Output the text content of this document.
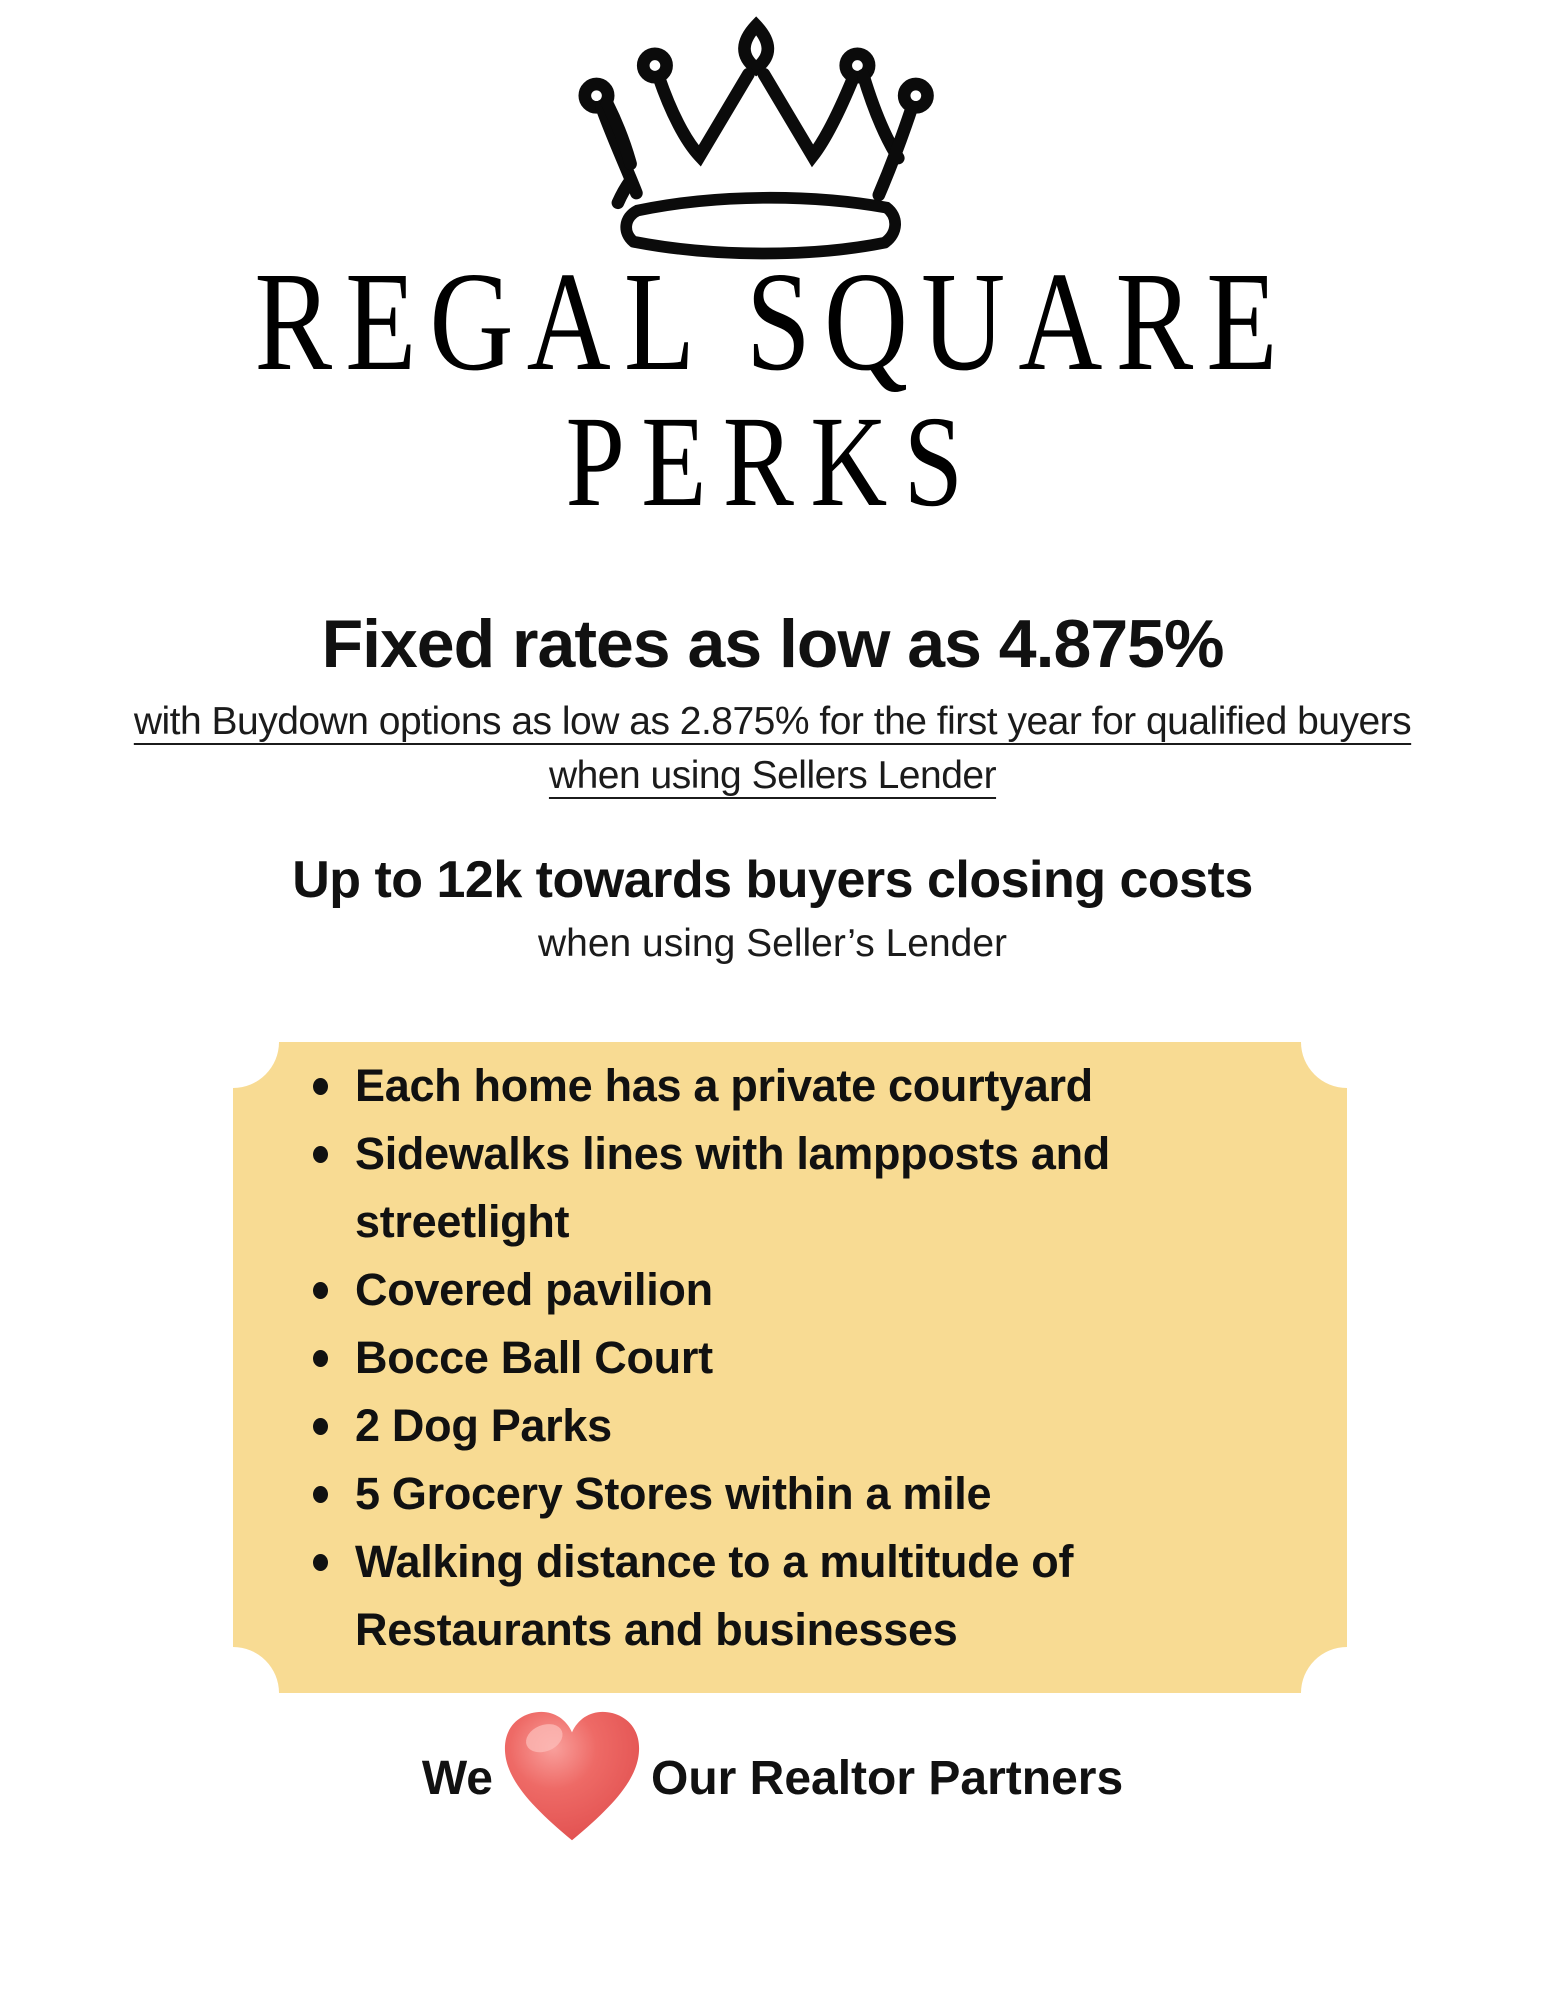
REGAL SQUARE
PERKS
Fixed rates as low as 4.875%
with Buydown options as low as 2.875% for the first year for qualified buyers
when using Sellers Lender
Up to 12k towards buyers closing costs
when using Seller’s Lender
Each home has a private courtyard
Sidewalks lines with lampposts and streetlight
Covered pavilion
Bocce Ball Court
2 Dog Parks
5 Grocery Stores within a mile
Walking distance to a multitude of Restaurants and businesses
We	Our Realtor Partners
